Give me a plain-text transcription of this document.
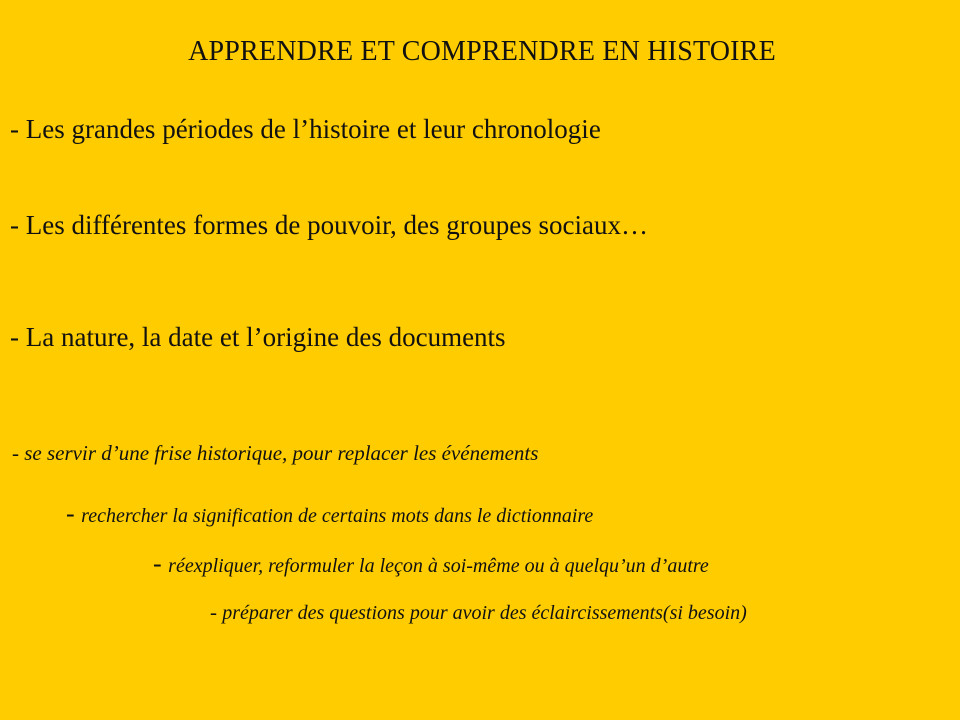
APPRENDRE ET COMPRENDRE EN HISTOIRE
- Les grandes périodes de l’histoire et leur chronologie
- Les différentes formes de pouvoir, des groupes sociaux…
- La nature, la date et l’origine des documents
- se servir d’une frise historique, pour replacer les événements
- rechercher la signification de certains mots dans le dictionnaire
- réexpliquer, reformuler la leçon à soi-même ou à quelqu’un d’autre
- préparer des questions pour avoir des éclaircissements(si besoin)
